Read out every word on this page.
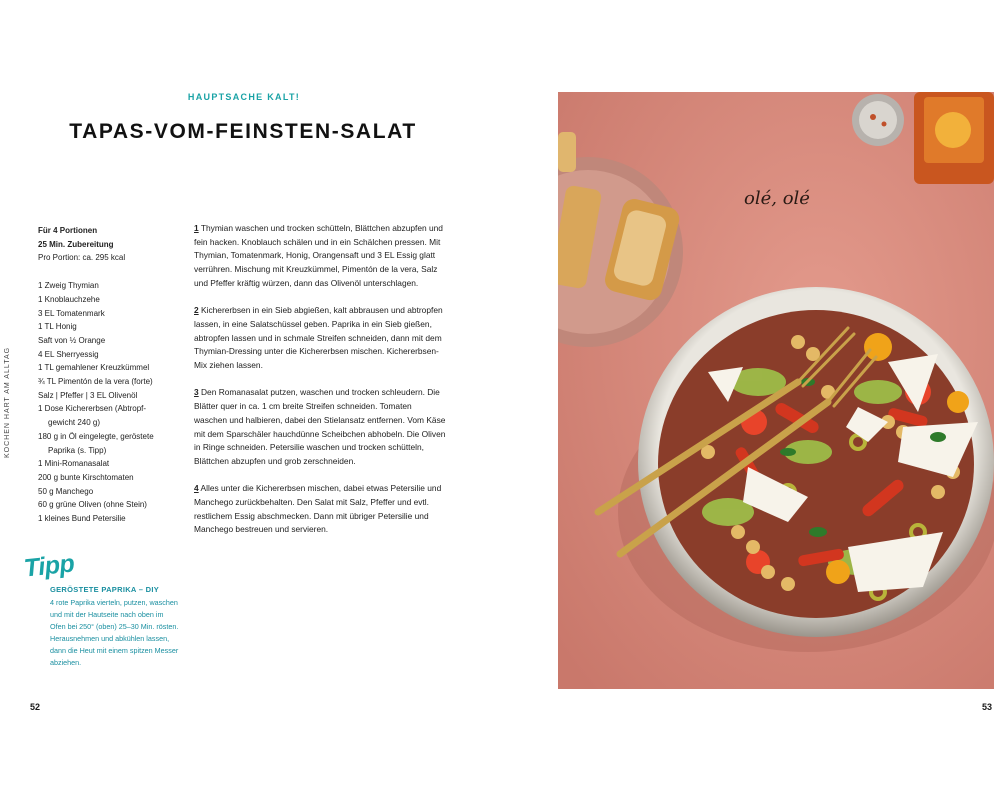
KOCHEN HART AM ALLTAG
HAUPTSACHE KALT!
TAPAS-VOM-FEINSTEN-SALAT
Für 4 Portionen
25 Min. Zubereitung
Pro Portion: ca. 295 kcal
1 Zweig Thymian
1 Knoblauchzehe
3 EL Tomatenmark
1 TL Honig
Saft von ½ Orange
4 EL Sherryessig
1 TL gemahlener Kreuzkümmel
¾ TL Pimentón de la vera (forte)
Salz | Pfeffer | 3 EL Olivenöl
1 Dose Kichererbsen (Abtropf-
gewicht 240 g)
180 g in Öl eingelegte, geröstete
Paprika (s. Tipp)
1 Mini-Romanasalat
200 g bunte Kirschtomaten
50 g Manchego
60 g grüne Oliven (ohne Stein)
1 kleines Bund Petersilie
1 Thymian waschen und trocken schütteln, Blättchen abzupfen und fein hacken. Knoblauch schälen und in ein Schälchen pressen. Mit Thymian, Tomatenmark, Honig, Orangensaft und 3 EL Essig glatt verrühren. Mischung mit Kreuzkümmel, Pimentón de la vera, Salz und Pfeffer kräftig würzen, dann das Olivenöl unterschlagen.
2 Kichererbsen in ein Sieb abgießen, kalt abbrausen und abtropfen lassen, in eine Salatschüssel geben. Paprika in ein Sieb gießen, abtropfen lassen und in schmale Streifen schneiden, dann mit dem Thymian-Dressing unter die Kichererbsen mischen. Kichererbsen-Mix ziehen lassen.
3 Den Romanasalat putzen, waschen und trocken schleudern. Die Blätter quer in ca. 1 cm breite Streifen schneiden. Tomaten waschen und halbieren, dabei den Stielansatz entfernen. Vom Käse mit dem Sparschäler hauchdünne Scheibchen abhobeln. Die Oliven in Ringe schneiden. Petersilie waschen und trocken schütteln, Blättchen abzupfen und grob zerschneiden.
4 Alles unter die Kichererbsen mischen, dabei etwas Petersilie und Manchego zurückbehalten. Den Salat mit Salz, Pfeffer und evtl. restlichem Essig abschmecken. Dann mit übriger Petersilie und Manchego bestreuen und servieren.
Tipp
GERÖSTETE PAPRIKA – DIY
4 rote Paprika vierteln, putzen, waschen und mit der Hautseite nach oben im Ofen bei 250° (oben) 25–30 Min. rösten. Herausnehmen und abkühlen lassen, dann die Heut mit einem spitzen Messer abziehen.
52
olé, olé
53
